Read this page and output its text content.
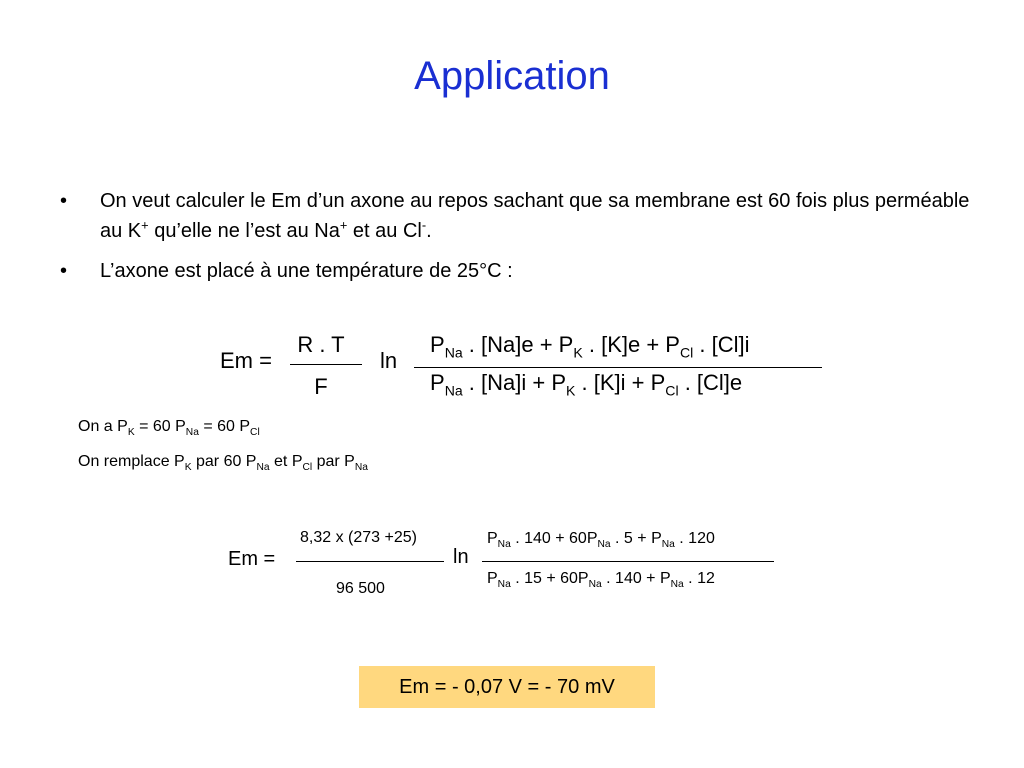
Application
• On veut calculer le Em d’un axone au repos sachant que sa membrane est 60 fois plus perméable au K+ qu’elle ne l’est au Na+ et au Cl-.
• L’axone est placé à une température de 25°C :
Em =
R . T
F
ln
$P_{Na}$ . $[Na]e + P_K$ . $[K]e + P_{Cl}$ . [Cl]i
$P_{Na}$ . $[Na]i + P_K$ . $[K]i + P_{Cl}$ . [Cl]e
On a $P_K = 60$ $P_{Na} = 60$ $P_{Cl}$
On remplace $P_K$ par 60 $P_{Na}$ et $P_{Cl}$ par $P_{Na}$
Em =
8,32 x (273 +25)
96 500
ln
$P_{Na}$ . $140 + 60P_{Na}$ . $5 + P_{Na}$ . 120
$P_{Na}$ . $15 + 60P_{Na}$ . $140 + P_{Na}$ . 12
Em = - 0,07 V = - 70 mV
